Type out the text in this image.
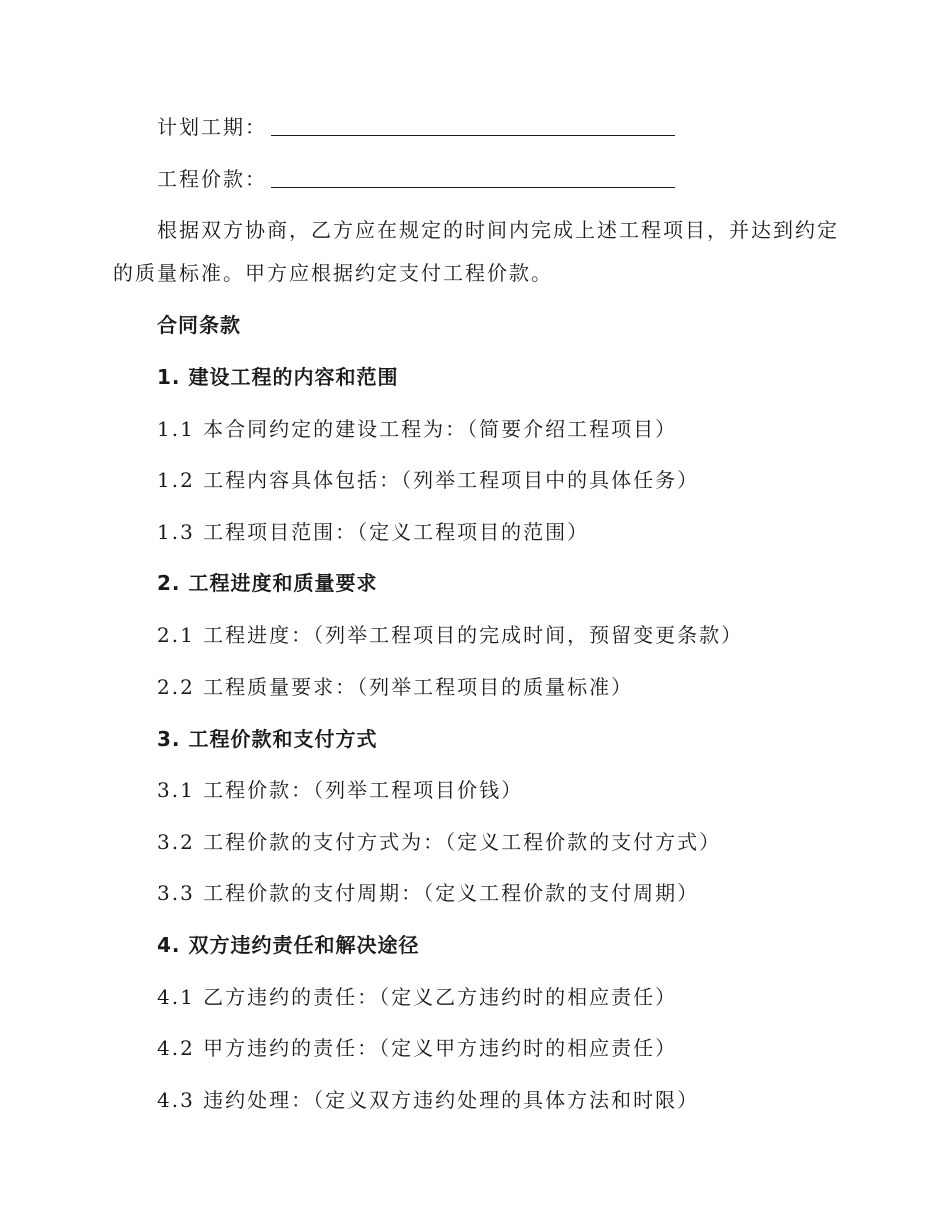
计划工期：
工程价款：
根据双方协商，乙方应在规定的时间内完成上述工程项目，并达到约定
的质量标准。甲方应根据约定支付工程价款。
合同条款
1. 建设工程的内容和范围
1.1 本合同约定的建设工程为：（简要介绍工程项目）
1.2 工程内容具体包括：（列举工程项目中的具体任务）
1.3 工程项目范围：（定义工程项目的范围）
2. 工程进度和质量要求
2.1 工程进度：（列举工程项目的完成时间，预留变更条款）
2.2 工程质量要求：（列举工程项目的质量标准）
3. 工程价款和支付方式
3.1 工程价款：（列举工程项目价钱）
3.2 工程价款的支付方式为：（定义工程价款的支付方式）
3.3 工程价款的支付周期：（定义工程价款的支付周期）
4. 双方违约责任和解决途径
4.1 乙方违约的责任：（定义乙方违约时的相应责任）
4.2 甲方违约的责任：（定义甲方违约时的相应责任）
4.3 违约处理：（定义双方违约处理的具体方法和时限）
